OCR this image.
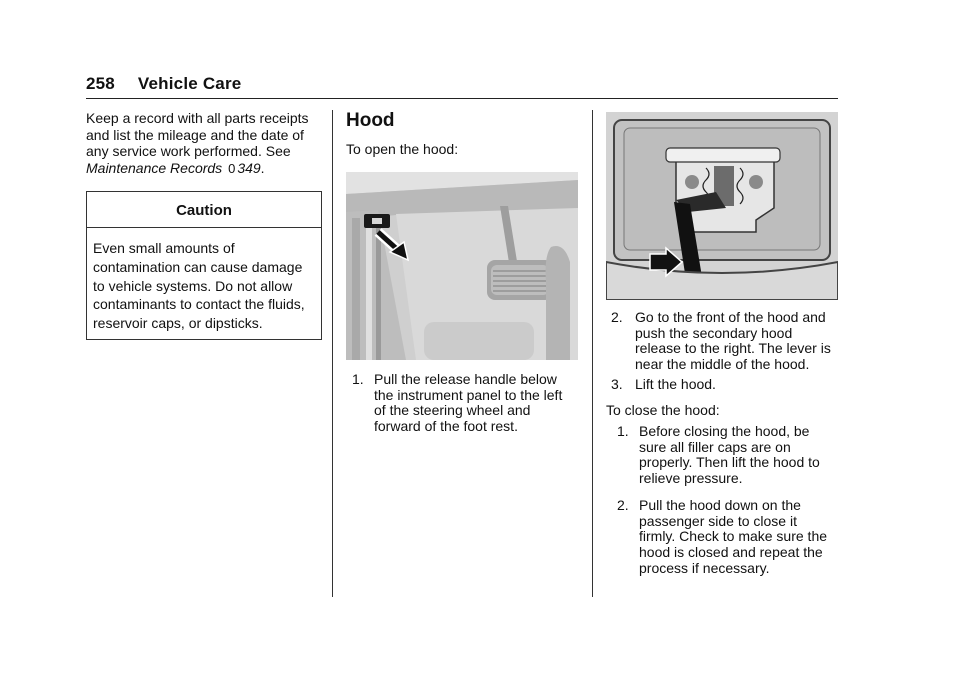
258 Vehicle Care

Keep a record with all parts receipts and list the mileage and the date of any service work performed. See
Maintenance Records 0 349.

Caution
Even small amounts of contamination can cause damage to vehicle systems. Do not allow contaminants to contact the fluids, reservoir caps, or dipsticks.
Hood

To open the hood:

1. Pull the release handle below the instrument panel to the left of the steering wheel and forward of the foot rest.
2. Go to the front of the hood and push the secondary hood release to the right. The lever is near the middle of the hood.
3. Lift the hood.
To close the hood:
1. Before closing the hood, be sure all filler caps are on properly. Then lift the hood to relieve pressure.
2. Pull the hood down on the passenger side to close it firmly. Check to make sure the hood is closed and repeat the process if necessary.
